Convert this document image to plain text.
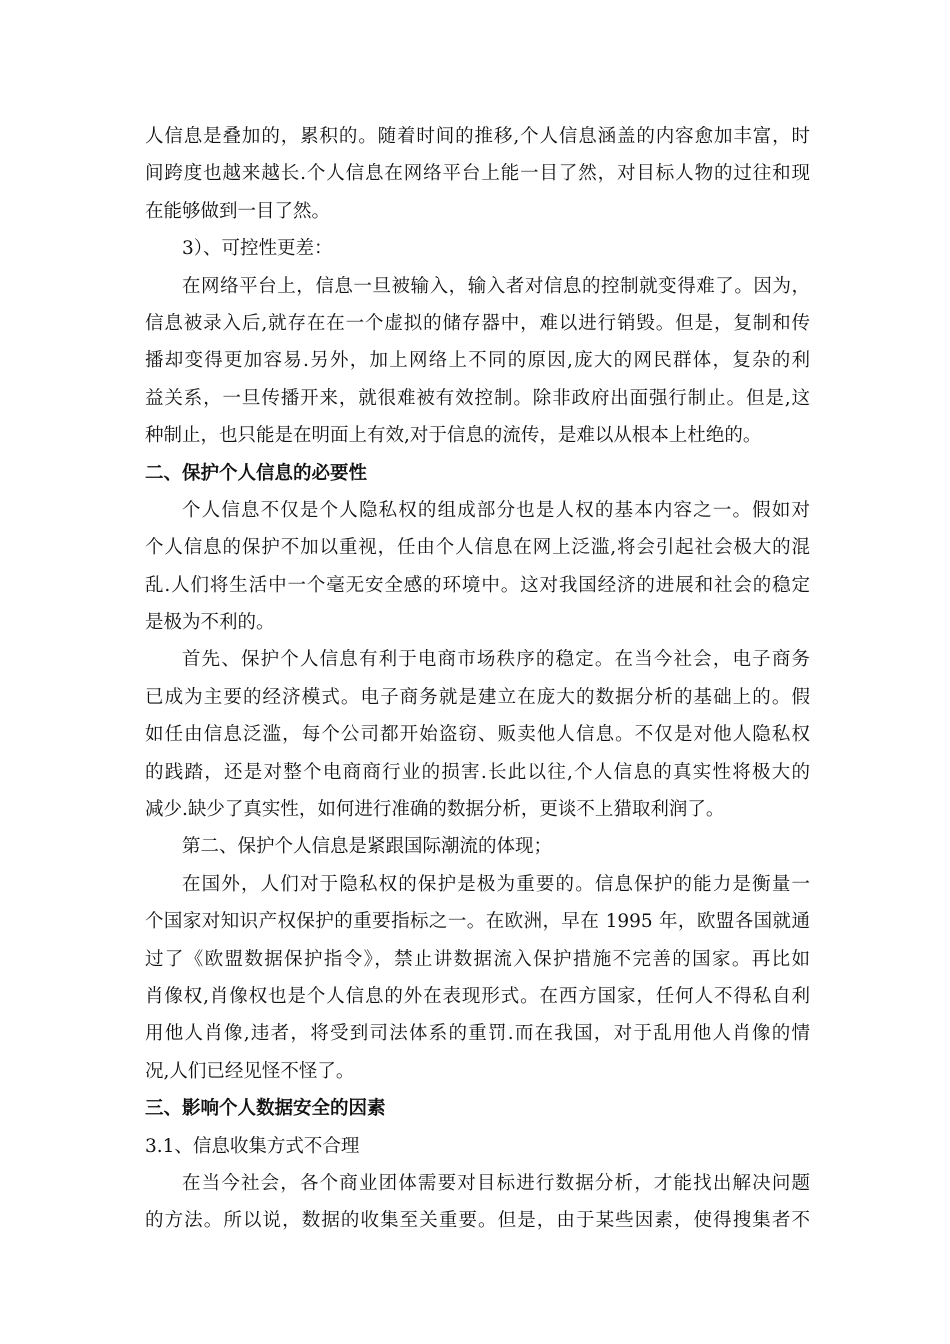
人信息是叠加的，累积的。随着时间的推移,个人信息涵盖的内容愈加丰富，时
间跨度也越来越长.个人信息在网络平台上能一目了然，对目标人物的过往和现
在能够做到一目了然。
3）、可控性更差：
在网络平台上，信息一旦被输入，输入者对信息的控制就变得难了。因为，
信息被录入后,就存在在一个虚拟的储存器中，难以进行销毁。但是，复制和传
播却变得更加容易.另外，加上网络上不同的原因,庞大的网民群体，复杂的利
益关系，一旦传播开来，就很难被有效控制。除非政府出面强行制止。但是,这
种制止，也只能是在明面上有效,对于信息的流传，是难以从根本上杜绝的。
二、保护个人信息的必要性
个人信息不仅是个人隐私权的组成部分也是人权的基本内容之一。假如对
个人信息的保护不加以重视，任由个人信息在网上泛滥,将会引起社会极大的混
乱.人们将生活中一个毫无安全感的环境中。这对我国经济的进展和社会的稳定
是极为不利的。
首先、保护个人信息有利于电商市场秩序的稳定。在当今社会，电子商务
已成为主要的经济模式。电子商务就是建立在庞大的数据分析的基础上的。假
如任由信息泛滥，每个公司都开始盗窃、贩卖他人信息。不仅是对他人隐私权
的践踏，还是对整个电商商行业的损害.长此以往,个人信息的真实性将极大的
减少.缺少了真实性，如何进行准确的数据分析，更谈不上猎取利润了。
第二、保护个人信息是紧跟国际潮流的体现；
在国外，人们对于隐私权的保护是极为重要的。信息保护的能力是衡量一
个国家对知识产权保护的重要指标之一。在欧洲，早在 1995 年，欧盟各国就通
过了《欧盟数据保护指令》，禁止讲数据流入保护措施不完善的国家。再比如
肖像权,肖像权也是个人信息的外在表现形式。在西方国家，任何人不得私自利
用他人肖像,违者，将受到司法体系的重罚.而在我国，对于乱用他人肖像的情
况,人们已经见怪不怪了。
三、影响个人数据安全的因素
3.1、信息收集方式不合理
在当今社会，各个商业团体需要对目标进行数据分析，才能找出解决问题
的方法。所以说，数据的收集至关重要。但是，由于某些因素，使得搜集者不
